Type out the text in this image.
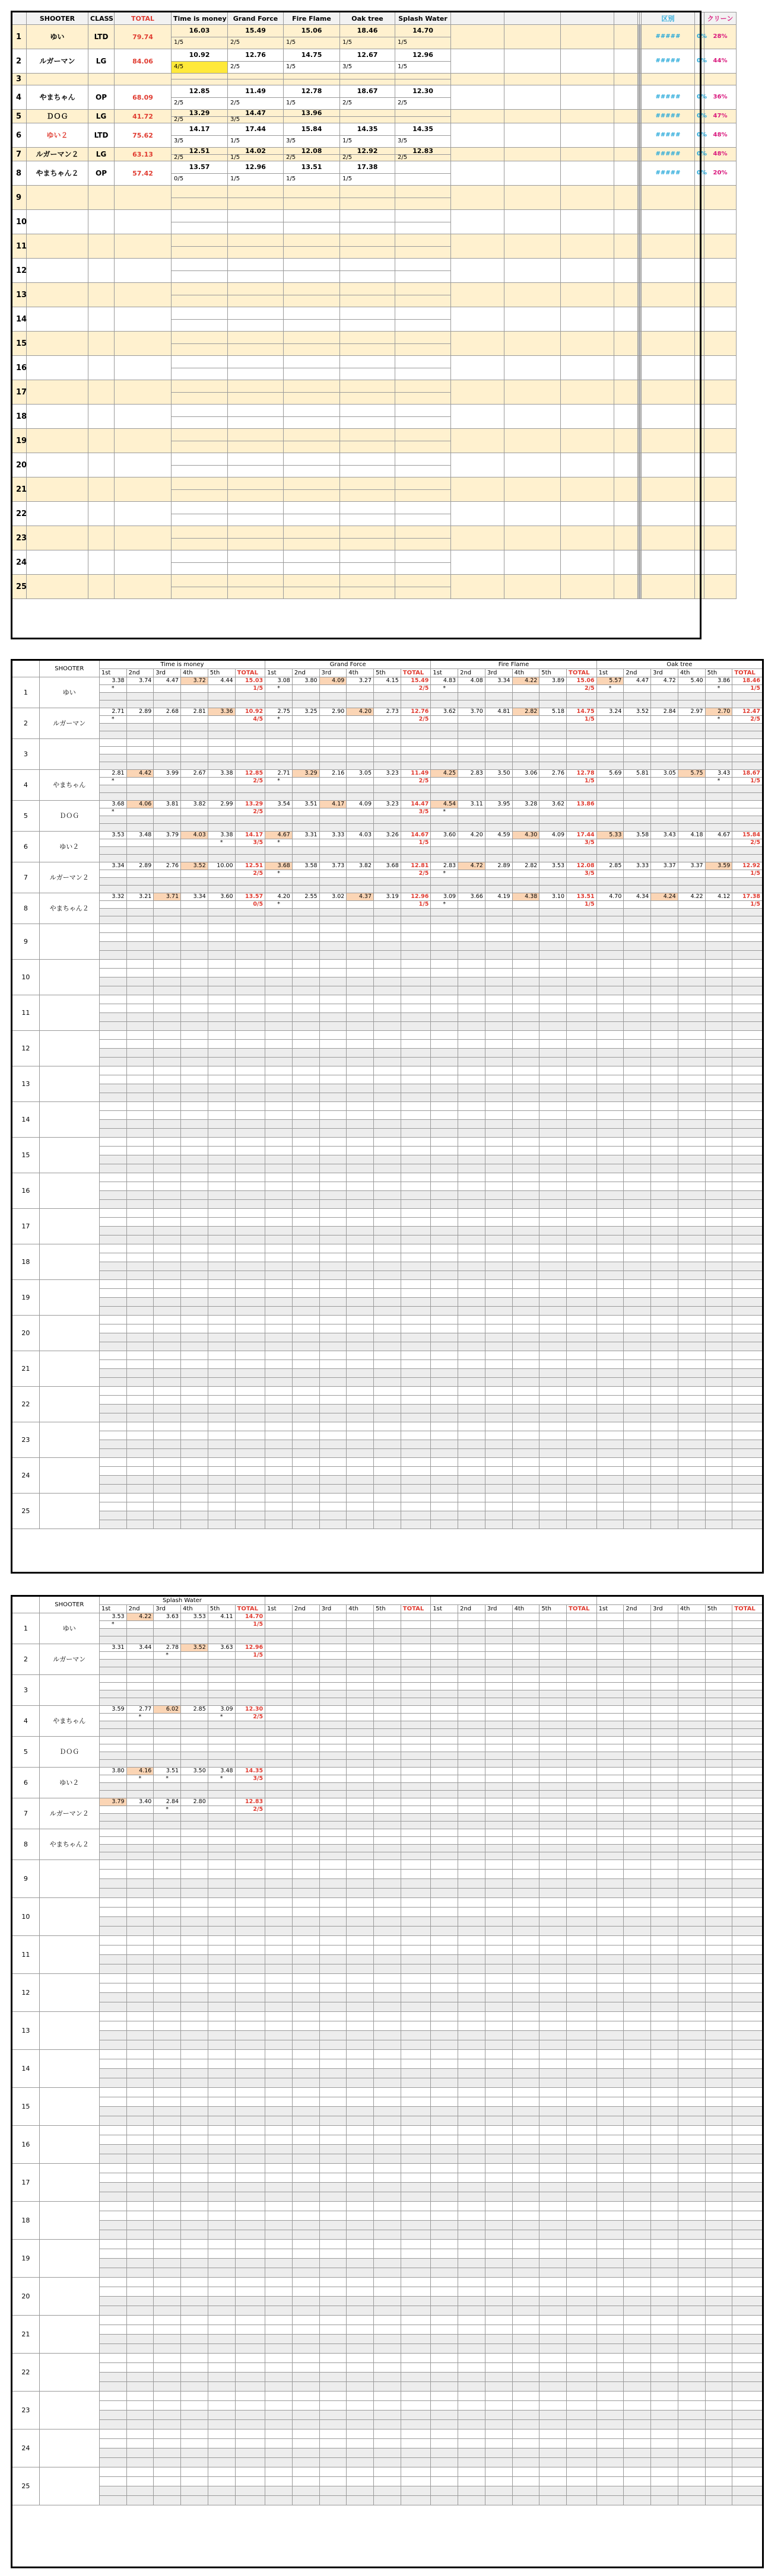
	SHOOTER	CLASS	TOTAL	Time is money	Grand Force	Fire Flame	Oak tree	Splash Water							区別		クリーン
1	ゆい	LTD	79.74	16.03	15.49	15.06	18.46	14.70							#####	0%	28%
				1/5	2/5	1/5	1/5	1/5									
2	ルガーマン	LG	84.06	10.92	12.76	14.75	12.67	12.96							#####	0%	44%
				4/5	2/5	1/5	3/5	1/5									
3																	

4	やまちゃん	OP	68.09	12.85	11.49	12.78	18.67	12.30							#####	0%	36%
				2/5	2/5	1/5	2/5	2/5									
5	ＤＯＧ	LG	41.72	13.29	14.47	13.96									#####	0%	47%
				2/5	3/5												
6	ゆい２	LTD	75.62	14.17	17.44	15.84	14.35	14.35							#####	0%	48%
				3/5	1/5	3/5	1/5	3/5									
7	ルガーマン２	LG	63.13	12.51	14.02	12.08	12.92	12.83							#####	0%	48%
				2/5	1/5	2/5	2/5	2/5									
8	やまちゃん２	OP	57.42	13.57	12.96	13.51	17.38								#####	0%	20%
				0/5	1/5	1/5	1/5										
9																	

10																	

11																	

12																	

13																	

14																	

15																	

16																	

17																	

18																	

19																	

20																	

21																	

22																	

23																	

24																	

25																	

	SHOOTER	Time is money						Grand Force						Fire Flame						Oak tree					
		1st	2nd	3rd	4th	5th	TOTAL	1st	2nd	3rd	4th	5th	TOTAL	1st	2nd	3rd	4th	5th	TOTAL	1st	2nd	3rd	4th	5th	TOTAL
1	ゆい	3.38	3.74	4.47	3.72	4.44	15.03	3.08	3.80	4.09	3.27	4.15	15.49	4.83	4.08	3.34	4.22	3.89	15.06	5.57	4.47	4.72	5.40	3.86	18.46
		*					1/5	*					2/5	*					2/5	*				*	1/5

2	ルガーマン	2.71	2.89	2.68	2.81	3.36	10.92	2.75	3.25	2.90	4.20	2.73	12.76	3.62	3.70	4.81	2.82	5.18	14.75	3.24	3.52	2.84	2.97	2.70	12.47
		*					4/5	*					2/5						1/5					*	2/5

3																									

4	やまちゃん	2.81	4.42	3.99	2.67	3.38	12.85	2.71	3.29	2.16	3.05	3.23	11.49	4.25	2.83	3.50	3.06	2.76	12.78	5.69	5.81	3.05	5.75	3.43	18.67
		*					2/5	*					2/5						1/5					*	1/5

5	ＤＯＧ	3.68	4.06	3.81	3.82	2.99	13.29	3.54	3.51	4.17	4.09	3.23	14.47	4.54	3.11	3.95	3.28	3.62	13.86						
		*					2/5						3/5	*											

6	ゆい２	3.53	3.48	3.79	4.03	3.38	14.17	4.67	3.31	3.33	4.03	3.26	14.67	3.60	4.20	4.59	4.30	4.09	17.44	5.33	3.58	3.43	4.18	4.67	15.84
						*	3/5	*					1/5						3/5						2/5

7	ルガーマン２	3.34	2.89	2.76	3.52	10.00	12.51	3.68	3.58	3.73	3.82	3.68	12.81	2.83	4.72	2.89	2.82	3.53	12.08	2.85	3.33	3.37	3.37	3.59	12.92
							2/5	*					2/5	*					3/5						1/5

8	やまちゃん２	3.32	3.21	3.71	3.34	3.60	13.57	4.20	2.55	3.02	4.37	3.19	12.96	3.09	3.66	4.19	4.38	3.10	13.51	4.70	4.34	4.24	4.22	4.12	17.38
							0/5	*					1/5	*					1/5						1/5

9																									

10																									

11																									

12																									

13																									

14																									

15																									

16																									

17																									

18																									

19																									

20																									

21																									

22																									

23																									

24																									

25																									

	SHOOTER	Splash Water																							
		1st	2nd	3rd	4th	5th	TOTAL	1st	2nd	3rd	4th	5th	TOTAL	1st	2nd	3rd	4th	5th	TOTAL	1st	2nd	3rd	4th	5th	TOTAL
1	ゆい	3.53	4.22	3.63	3.53	4.11	14.70																		
		*					1/5																		

2	ルガーマン	3.31	3.44	2.78	3.52	3.63	12.96																		
				*			1/5																		

3																									

4	やまちゃん	3.59	2.77	6.02	2.85	3.09	12.30																		
			*			*	2/5																		

5	ＤＯＧ																								

6	ゆい２	3.80	4.16	3.51	3.50	3.48	14.35																		
			*	*		*	3/5																		

7	ルガーマン２	3.79	3.40	2.84	2.80		12.83																		
				*			2/5																		

8	やまちゃん２																								

9																									

10																									

11																									

12																									

13																									

14																									

15																									

16																									

17																									

18																									

19																									

20																									

21																									

22																									

23																									

24																									

25																									
